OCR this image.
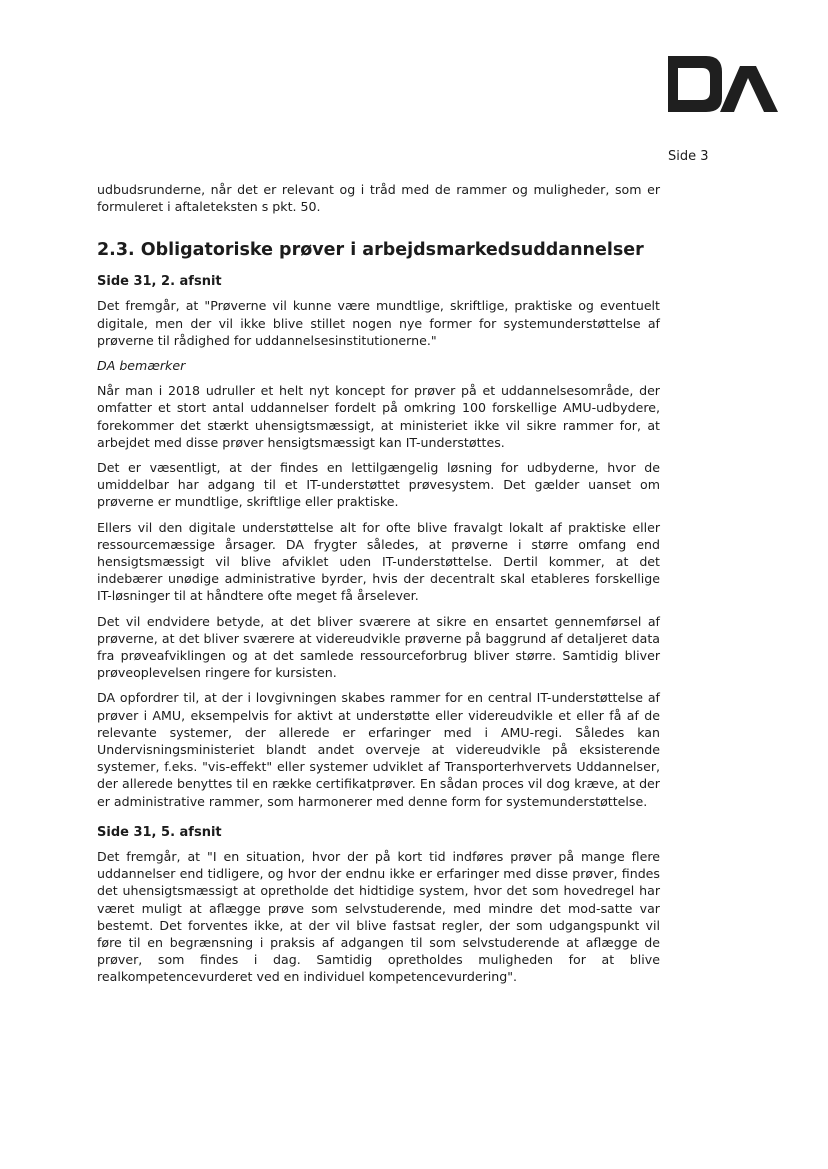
Side 3

udbudsrunderne, når det er relevant og i tråd med de rammer og muligheder, som er formuleret i aftaleteksten s pkt. 50.

2.3. Obligatoriske prøver i arbejdsmarkedsuddannelser
Side 31, 2. afsnit

Det fremgår, at "Prøverne vil kunne være mundtlige, skriftlige, praktiske og eventuelt digitale, men der vil ikke blive stillet nogen nye former for systemunderstøttelse af prøverne til rådighed for uddannelsesinstitutionerne."

DA bemærker

Når man i 2018 udruller et helt nyt koncept for prøver på et uddannelsesområde, der omfatter et stort antal uddannelser fordelt på omkring 100 forskellige AMU-udbydere, forekommer det stærkt uhensigtsmæssigt, at ministeriet ikke vil sikre rammer for, at arbejdet med disse prøver hensigtsmæssigt kan IT-understøttes.

Det er væsentligt, at der findes en lettilgængelig løsning for udbyderne, hvor de umiddelbar har adgang til et IT-understøttet prøvesystem. Det gælder uanset om prøverne er mundtlige, skriftlige eller praktiske.

Ellers vil den digitale understøttelse alt for ofte blive fravalgt lokalt af praktiske eller ressourcemæssige årsager. DA frygter således, at prøverne i større omfang end hensigtsmæssigt vil blive afviklet uden IT-understøttelse. Dertil kommer, at det indebærer unødige administrative byrder, hvis der decentralt skal etableres forskellige IT-løsninger til at håndtere ofte meget få årselever.

Det vil endvidere betyde, at det bliver sværere at sikre en ensartet gennemførsel af prøverne, at det bliver sværere at videreudvikle prøverne på baggrund af detaljeret data fra prøveafviklingen og at det samlede ressourceforbrug bliver større. Samtidig bliver prøveoplevelsen ringere for kursisten.

DA opfordrer til, at der i lovgivningen skabes rammer for en central IT-understøttelse af prøver i AMU, eksempelvis for aktivt at understøtte eller videreudvikle et eller få af de relevante systemer, der allerede er erfaringer med i AMU-regi. Således kan Undervisningsministeriet blandt andet overveje at videreudvikle på eksisterende systemer, f.eks. "vis-effekt" eller systemer udviklet af Transporterhvervets Uddannelser, der allerede benyttes til en række certifikatprøver. En sådan proces vil dog kræve, at der er administrative rammer, som harmonerer med denne form for systemunderstøttelse.

Side 31, 5. afsnit

Det fremgår, at "I en situation, hvor der på kort tid indføres prøver på mange flere uddannelser end tidligere, og hvor der endnu ikke er erfaringer med disse prøver, findes det uhensigtsmæssigt at opretholde det hidtidige system, hvor det som hovedregel har været muligt at aflægge prøve som selvstuderende, med mindre det mod-satte var bestemt. Det forventes ikke, at der vil blive fastsat regler, der som udgangspunkt vil føre til en begrænsning i praksis af adgangen til som selvstuderende at aflægge de prøver, som findes i dag. Samtidig opretholdes muligheden for at blive realkompetencevurderet ved en individuel kompetencevurdering".
